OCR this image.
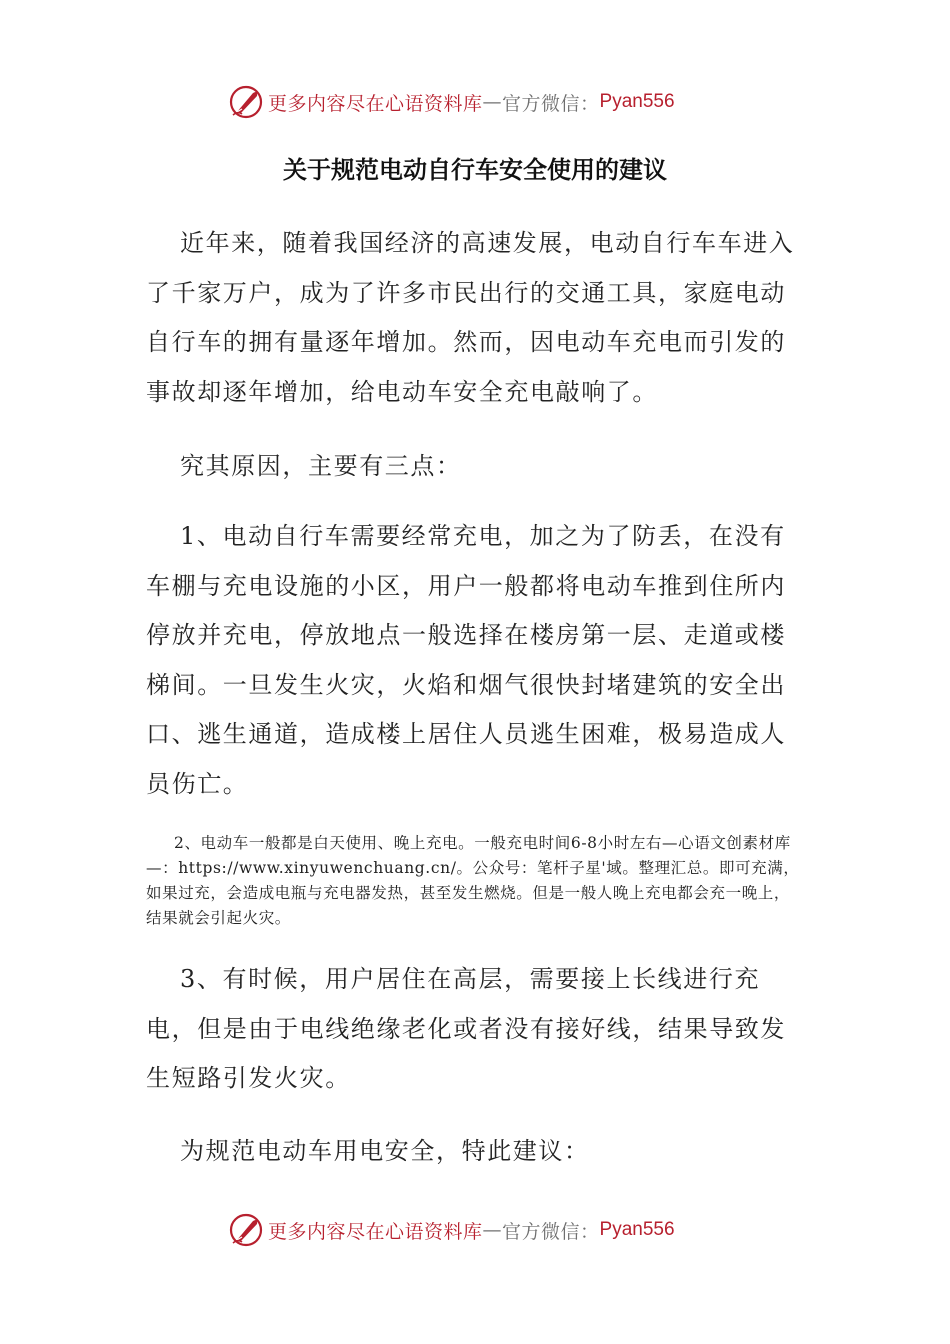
更多内容尽在心语资料库 — 官方微信： Pyan556
关于规范电动自行车安全使用的建议

近年来，随着我国经济的高速发展，电动自行车车进入了千家万户，成为了许多市民出行的交通工具，家庭电动自行车的拥有量逐年增加。然而，因电动车充电而引发的事故却逐年增加，给电动车安全充电敲响了。

究其原因，主要有三点：

1、电动自行车需要经常充电，加之为了防丢，在没有车棚与充电设施的小区，用户一般都将电动车推到住所内停放并充电，停放地点一般选择在楼房第一层、走道或楼梯间。一旦发生火灾，火焰和烟气很快封堵建筑的安全出口、逃生通道，造成楼上居住人员逃生困难，极易造成人员伤亡。

2、电动车一般都是白天使用、晚上充电。一般充电时间6-8小时左右—心语文创素材库—：https://www.xinyuwenchuang.cn/。公众号：笔杆子星'域。整理汇总。即可充满，如果过充，会造成电瓶与充电器发热，甚至发生燃烧。但是一般人晚上充电都会充一晚上，结果就会引起火灾。

3、有时候，用户居住在高层，需要接上长线进行充电，但是由于电线绝缘老化或者没有接好线，结果导致发生短路引发火灾。

为规范电动车用电安全，特此建议：

更多内容尽在心语资料库 — 官方微信： Pyan556
